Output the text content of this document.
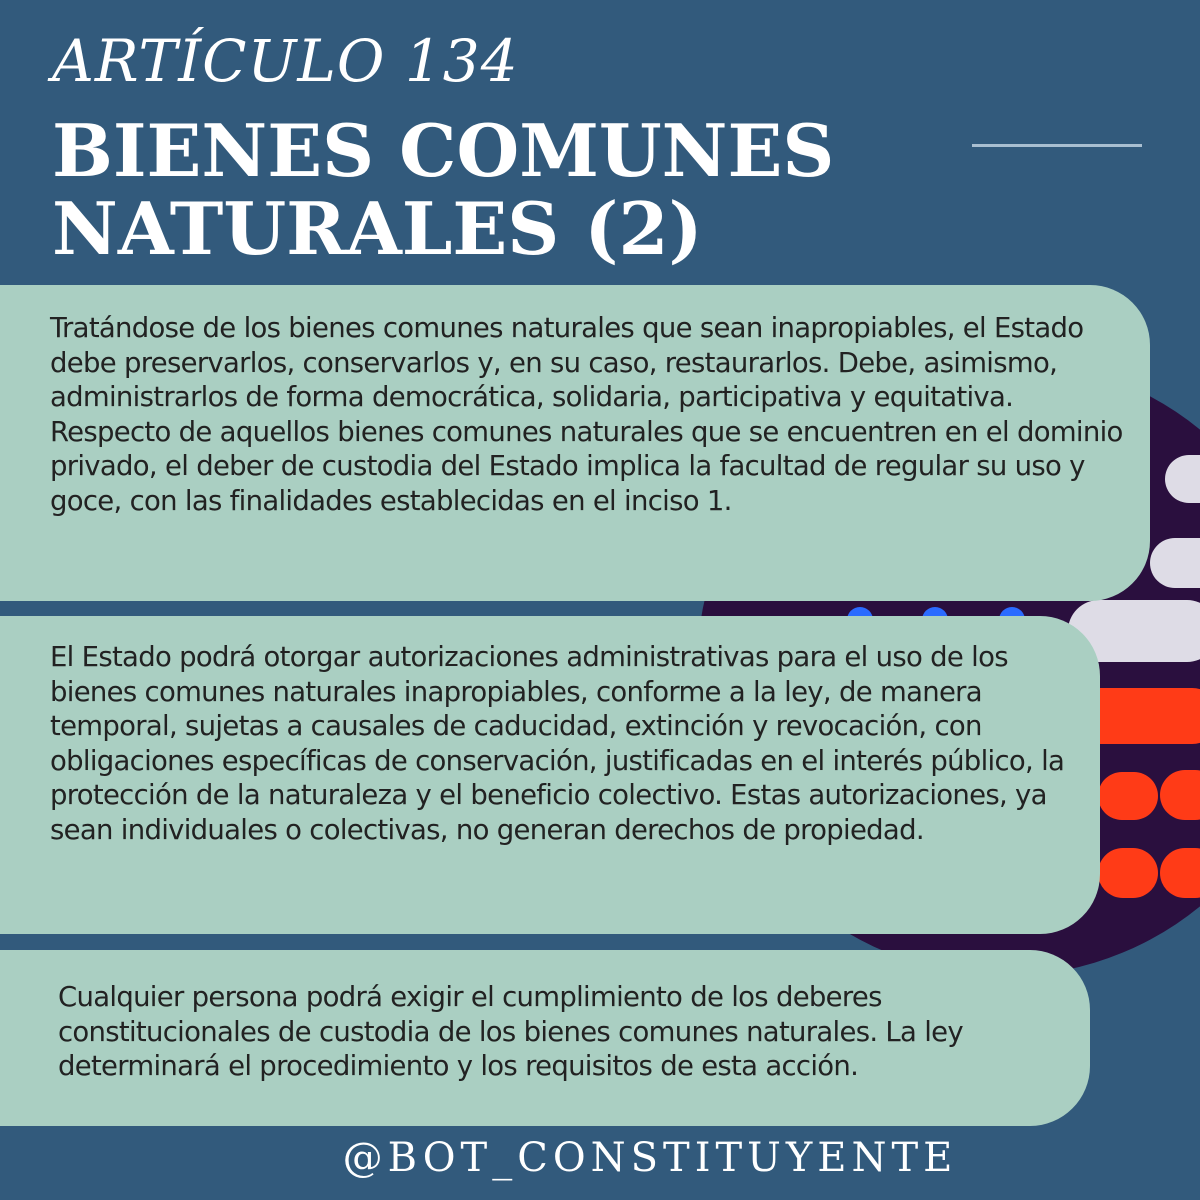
ARTÍCULO 134
BIENES COMUNES
NATURALES (2)

Tratándose de los bienes comunes naturales que sean inapropiables, el Estado debe preservarlos, conservarlos y, en su caso, restaurarlos. Debe, asimismo, administrarlos de forma democrática, solidaria, participativa y equitativa. Respecto de aquellos bienes comunes naturales que se encuentren en el dominio privado, el deber de custodia del Estado implica la facultad de regular su uso y goce, con las finalidades establecidas en el inciso 1.

El Estado podrá otorgar autorizaciones administrativas para el uso de los bienes comunes naturales inapropiables, conforme a la ley, de manera temporal, sujetas a causales de caducidad, extinción y revocación, con obligaciones específicas de conservación, justificadas en el interés público, la protección de la naturaleza y el beneficio colectivo. Estas autorizaciones, ya sean individuales o colectivas, no generan derechos de propiedad.

Cualquier persona podrá exigir el cumplimiento de los deberes constitucionales de custodia de los bienes comunes naturales. La ley determinará el procedimiento y los requisitos de esta acción.

@BOT_CONSTITUYENTE
